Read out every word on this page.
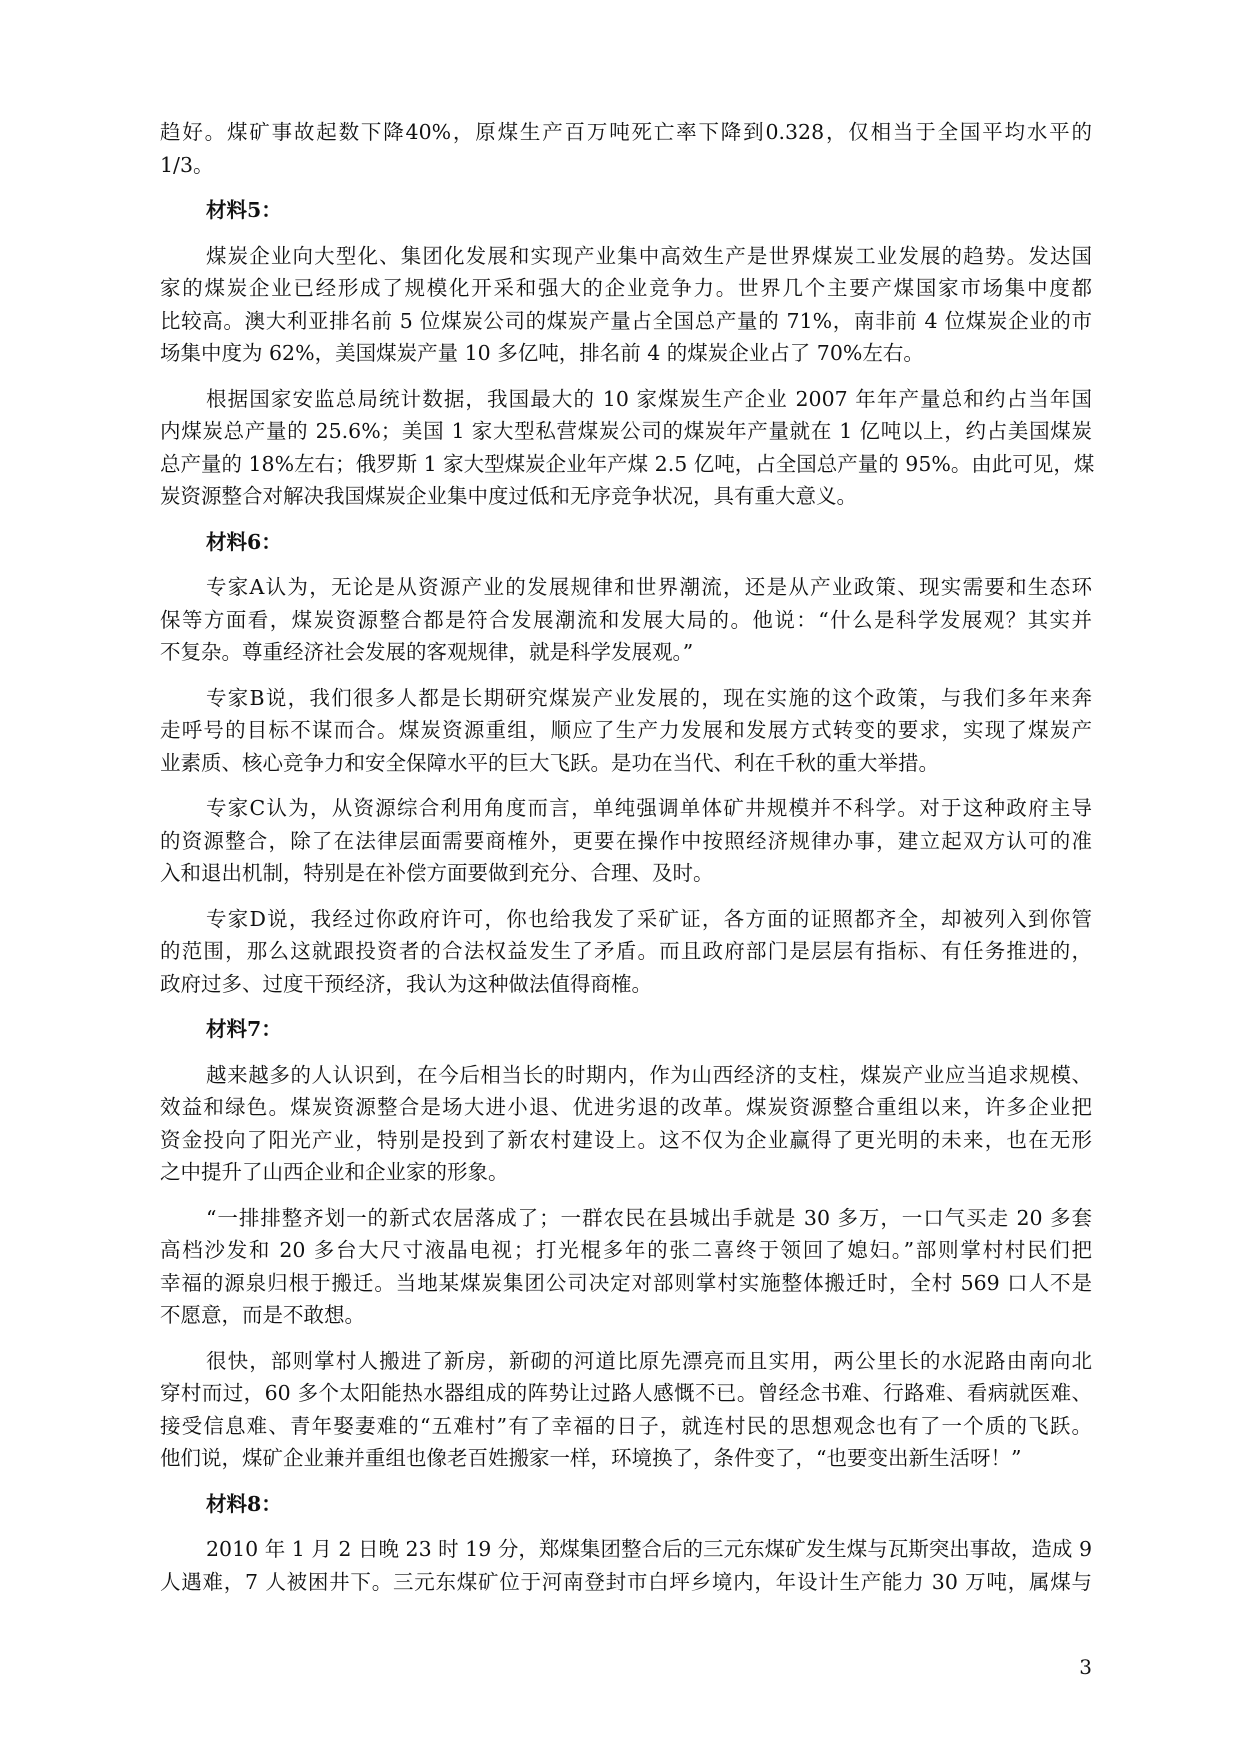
趋好。煤矿事故起数下降40%，原煤生产百万吨死亡率下降到0.328，仅相当于全国平均水平的
1/3。
材料5：
煤炭企业向大型化、集团化发展和实现产业集中高效生产是世界煤炭工业发展的趋势。发达国
家的煤炭企业已经形成了规模化开采和强大的企业竞争力。世界几个主要产煤国家市场集中度都
比较高。澳大利亚排名前 5 位煤炭公司的煤炭产量占全国总产量的 71%，南非前 4 位煤炭企业的市
场集中度为 62%，美国煤炭产量 10 多亿吨，排名前 4 的煤炭企业占了 70%左右。
根据国家安监总局统计数据，我国最大的 10 家煤炭生产企业 2007 年年产量总和约占当年国
内煤炭总产量的 25.6%；美国 1 家大型私营煤炭公司的煤炭年产量就在 1 亿吨以上，约占美国煤炭
总产量的 18%左右；俄罗斯 1 家大型煤炭企业年产煤 2.5 亿吨，占全国总产量的 95%。由此可见，煤
炭资源整合对解决我国煤炭企业集中度过低和无序竞争状况，具有重大意义。
材料6：
专家A认为，无论是从资源产业的发展规律和世界潮流，还是从产业政策、现实需要和生态环
保等方面看，煤炭资源整合都是符合发展潮流和发展大局的。他说：“什么是科学发展观？其实并
不复杂。尊重经济社会发展的客观规律，就是科学发展观。”
专家B说，我们很多人都是长期研究煤炭产业发展的，现在实施的这个政策，与我们多年来奔
走呼号的目标不谋而合。煤炭资源重组，顺应了生产力发展和发展方式转变的要求，实现了煤炭产
业素质、核心竞争力和安全保障水平的巨大飞跃。是功在当代、利在千秋的重大举措。
专家C认为，从资源综合利用角度而言，单纯强调单体矿井规模并不科学。对于这种政府主导
的资源整合，除了在法律层面需要商榷外，更要在操作中按照经济规律办事，建立起双方认可的准
入和退出机制，特别是在补偿方面要做到充分、合理、及时。
专家D说，我经过你政府许可，你也给我发了采矿证，各方面的证照都齐全，却被列入到你管
的范围，那么这就跟投资者的合法权益发生了矛盾。而且政府部门是层层有指标、有任务推进的，
政府过多、过度干预经济，我认为这种做法值得商榷。
材料7：
越来越多的人认识到，在今后相当长的时期内，作为山西经济的支柱，煤炭产业应当追求规模、
效益和绿色。煤炭资源整合是场大进小退、优进劣退的改革。煤炭资源整合重组以来，许多企业把
资金投向了阳光产业，特别是投到了新农村建设上。这不仅为企业赢得了更光明的未来，也在无形
之中提升了山西企业和企业家的形象。
“一排排整齐划一的新式农居落成了；一群农民在县城出手就是 30 多万，一口气买走 20 多套
高档沙发和 20 多台大尺寸液晶电视；打光棍多年的张二喜终于领回了媳妇。”部则掌村村民们把
幸福的源泉归根于搬迁。当地某煤炭集团公司决定对部则掌村实施整体搬迁时，全村 569 口人不是
不愿意，而是不敢想。
很快，部则掌村人搬进了新房，新砌的河道比原先漂亮而且实用，两公里长的水泥路由南向北
穿村而过，60 多个太阳能热水器组成的阵势让过路人感慨不已。曾经念书难、行路难、看病就医难、
接受信息难、青年娶妻难的“五难村”有了幸福的日子，就连村民的思想观念也有了一个质的飞跃。
他们说，煤矿企业兼并重组也像老百姓搬家一样，环境换了，条件变了，“也要变出新生活呀！”
材料8：
2010 年 1 月 2 日晚 23 时 19 分，郑煤集团整合后的三元东煤矿发生煤与瓦斯突出事故，造成 9
人遇难，7 人被困井下。三元东煤矿位于河南登封市白坪乡境内，年设计生产能力 30 万吨，属煤与
3
